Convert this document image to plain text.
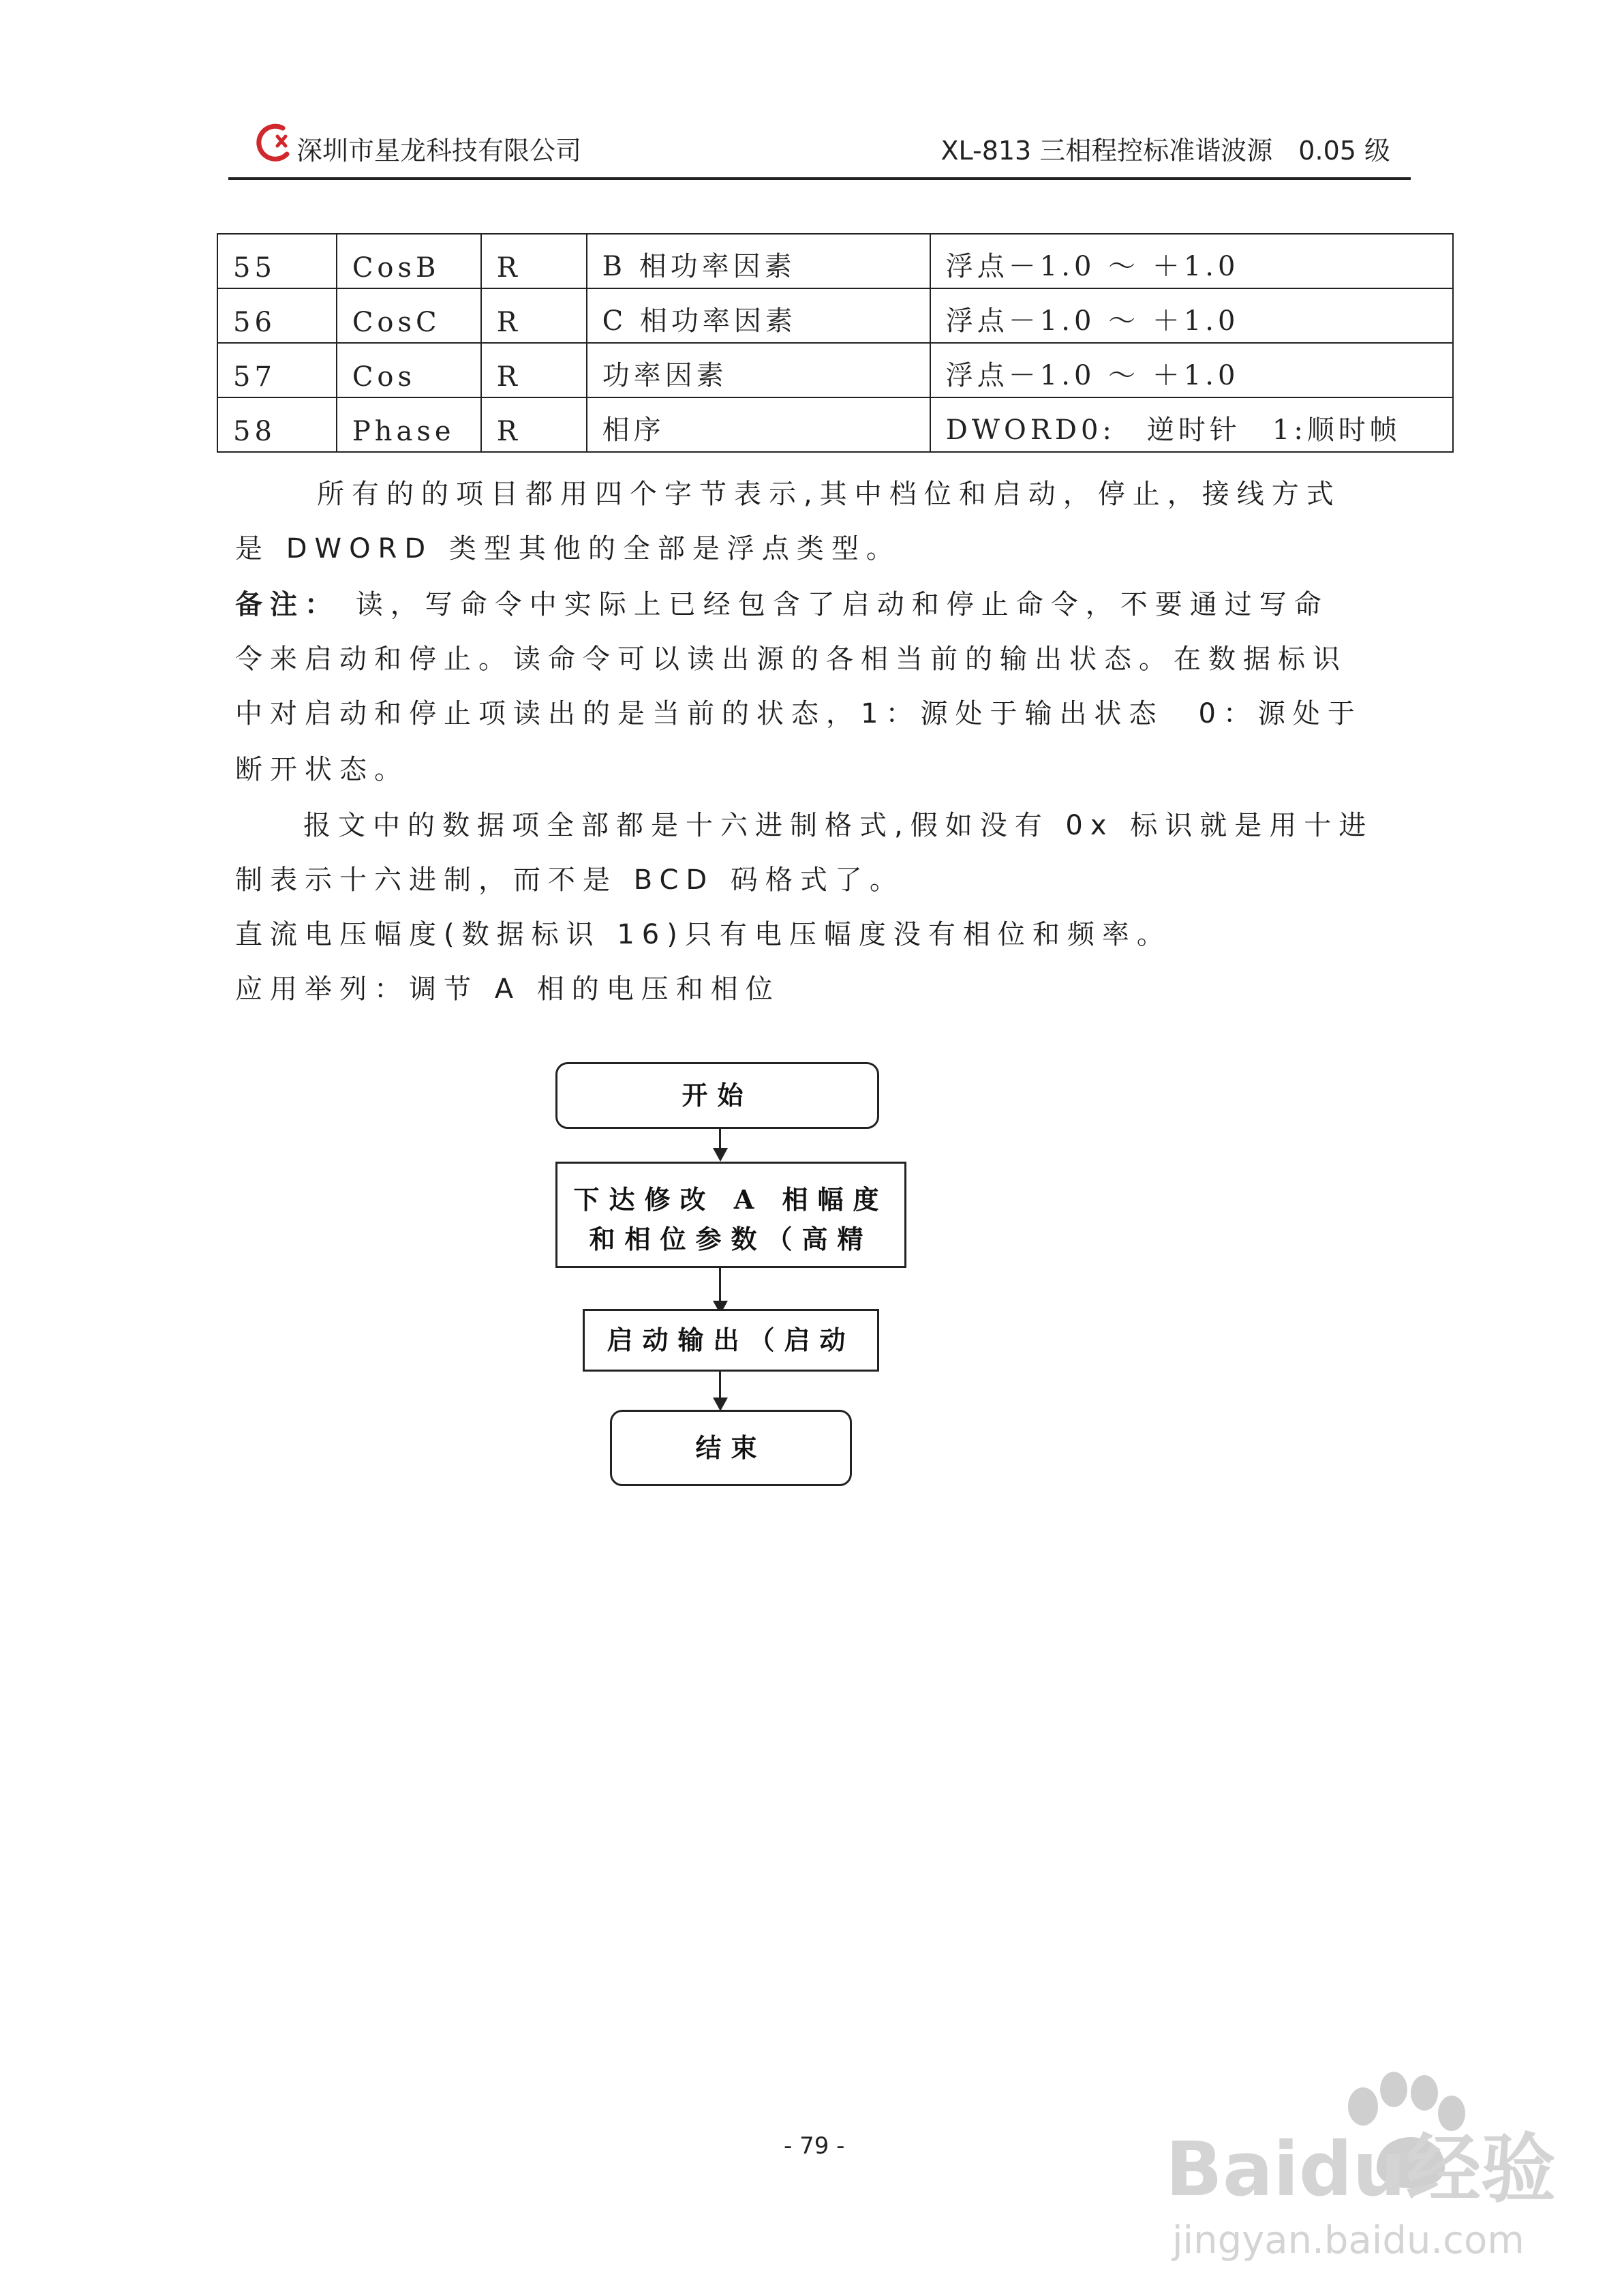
深圳市星龙科技有限公司	XL-813 三相程控标准谐波源　0.05 级
55	CosB	R	B 相功率因素	浮点－1.0 ～ ＋1.0
56	CosC	R	C 相功率因素	浮点－1.0 ～ ＋1.0
57	Cos	R	功率因素	浮点－1.0 ～ ＋1.0
58	Phase	R	相序	DWORD0:　逆时针　1:顺时帧
所有的的项目都用四个字节表示,其中档位和启动，停止，接线方式
是 DWORD 类型其他的全部是浮点类型。
备注： 读，写命令中实际上已经包含了启动和停止命令，不要通过写命
令来启动和停止。读命令可以读出源的各相当前的输出状态。在数据标识
中对启动和停止项读出的是当前的状态，1：源处于输出状态　0：源处于
断开状态。
报文中的数据项全部都是十六进制格式,假如没有 0x 标识就是用十进
制表示十六进制，而不是 BCD 码格式了。
直流电压幅度(数据标识 16)只有电压幅度没有相位和频率。
应用举列：调节 A 相的电压和相位
开始
下达修改 A 相幅度
和相位参数（高精
启动输出（启动
结束
- 79 -	Baidu经验
jingyan.baidu.com
